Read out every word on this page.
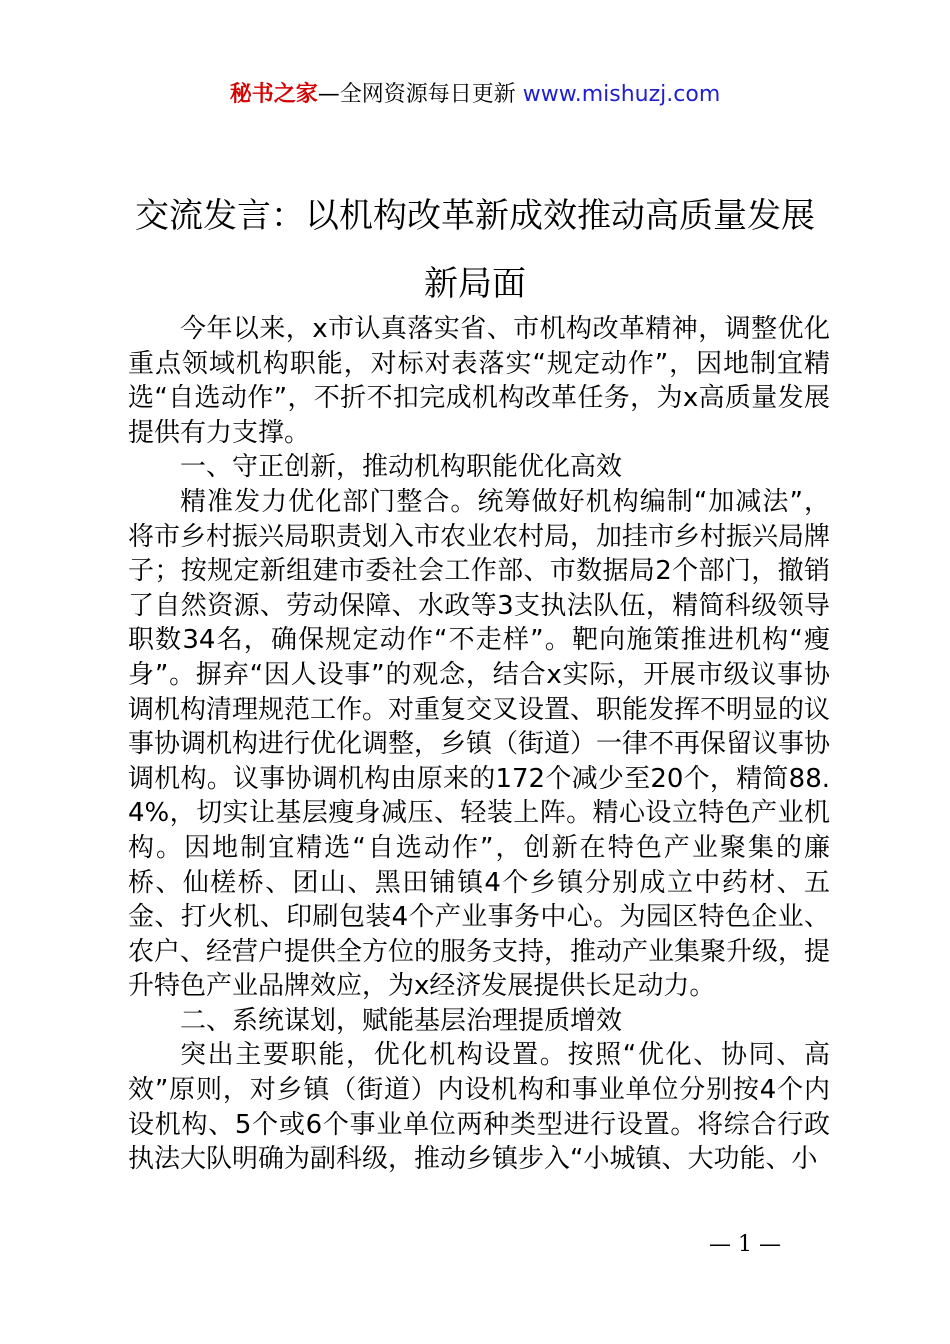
秘书之家—全网资源每日更新 www.mishuzj.com
交流发言：以机构改革新成效推动高质量发展新局面

今年以来，x市认真落实省、市机构改革精神，调整优化重点领域机构职能，对标对表落实“规定动作”，因地制宜精选“自选动作”，不折不扣完成机构改革任务，为x高质量发展提供有力支撑。

一、守正创新，推动机构职能优化高效

精准发力优化部门整合。统筹做好机构编制“加减法”，将市乡村振兴局职责划入市农业农村局，加挂市乡村振兴局牌子；按规定新组建市委社会工作部、市数据局2个部门，撤销了自然资源、劳动保障、水政等3支执法队伍，精简科级领导职数34名，确保规定动作“不走样”。靶向施策推进机构“瘦身”。摒弃“因人设事”的观念，结合x实际，开展市级议事协调机构清理规范工作。对重复交叉设置、职能发挥不明显的议事协调机构进行优化调整，乡镇（街道）一律不再保留议事协调机构。议事协调机构由原来的172个减少至20个，精简88.4%，切实让基层瘦身减压、轻装上阵。精心设立特色产业机构。因地制宜精选“自选动作”，创新在特色产业聚集的廉桥、仙槎桥、团山、黑田铺镇4个乡镇分别成立中药材、五金、打火机、印刷包装4个产业事务中心。为园区特色企业、农户、经营户提供全方位的服务支持，推动产业集聚升级，提升特色产业品牌效应，为x经济发展提供长足动力。

二、系统谋划，赋能基层治理提质增效

突出主要职能，优化机构设置。按照“优化、协同、高效”原则，对乡镇（街道）内设机构和事业单位分别按4个内设机构、5个或6个事业单位两种类型进行设置。将综合行政执法大队明确为副科级，推动乡镇步入“小城镇、大功能、小

— 1 —
